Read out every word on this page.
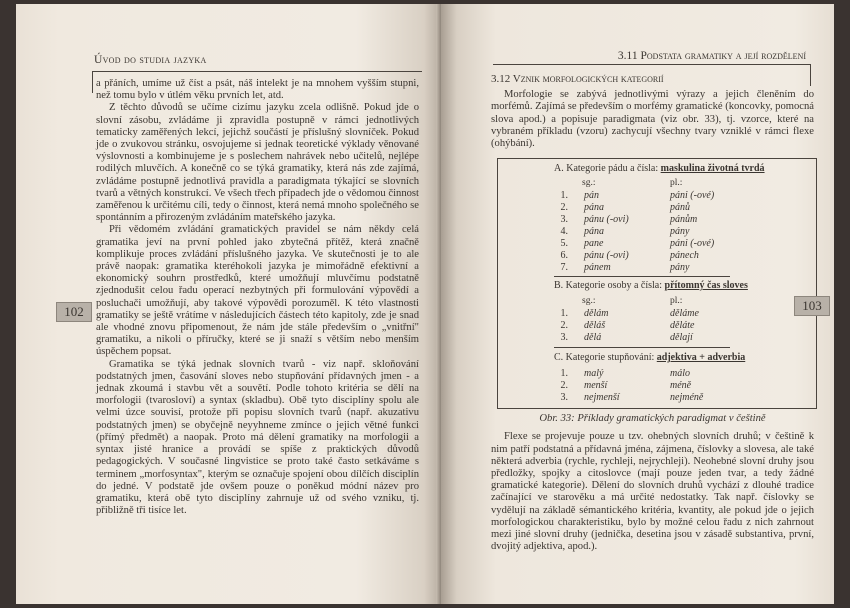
Úvod do studia jazyka

a přáních, umíme už číst a psát, náš intelekt je na mnohem vyšším stupni, než tomu bylo v útlém věku prvních let, atd.

Z těchto důvodů se učíme cizímu jazyku zcela odlišně. Pokud jde o slovní zásobu, zvládáme ji zpravidla postupně v rámci jednotlivých tematicky zaměřených lekcí, jejichž součástí je příslušný slovníček. Pokud jde o zvukovou stránku, osvojujeme si jednak teoretické výklady věnované výslovnosti a kombinujeme je s poslechem nahrávek nebo učitelů, nejlépe rodilých mluvčích. A konečně co se týká gramatiky, která nás zde zajímá, zvládáme postupně jednotlivá pravidla a paradigmata týkající se slovních tvarů a větných konstrukcí. Ve všech třech případech jde o vědomou činnost zaměřenou k určitému cíli, tedy o činnost, která nemá mnoho společného se spontánním a přirozeným zvládáním mateřského jazyka.

Při vědomém zvládání gramatických pravidel se nám někdy celá gramatika jeví na první pohled jako zbytečná přítěž, která značně komplikuje proces zvládání příslušného jazyka. Ve skutečnosti je to ale právě naopak: gramatika kteréhokoli jazyka je mimořádně efektivní a ekonomický souhrn prostředků, které umožňují mluvčímu podstatně zjednodušit celou řadu operací nezbytných při formulování výpovědí a posluchači umožňují, aby takové výpovědi porozuměl. K této vlastnosti gramatiky se ještě vrátíme v následujících částech této kapitoly, zde je snad ale vhodné znovu připomenout, že nám jde stále především o „vnitřní" gramatiku, a nikoli o příručky, které se ji snaží s větším nebo menším úspěchem popsat.

Gramatika se týká jednak slovních tvarů - viz např. skloňování podstatných jmen, časování sloves nebo stupňování přídavných jmen - a jednak zkoumá i stavbu vět a souvětí. Podle tohoto kritéria se dělí na morfologii (tvarosloví) a syntax (skladbu). Obě tyto disciplíny spolu ale velmi úzce souvisí, protože při popisu slovních tvarů (např. akuzativu podstatných jmen) se obyčejně neyyhneme zmínce o jejich větné funkci (přímý předmět) a naopak. Proto má dělení gramatiky na morfologii a syntax jisté hranice a provádí se spíše z praktických důvodů pedagogických. V současné lingvistice se proto také často setkáváme s terminem „morfosyntax", kterým se označuje spojení obou dílčích disciplín do jedné. V podstatě jde ovšem pouze o poněkud módní název pro gramatiku, která obě tyto disciplíny zahrnuje už od svého vzniku, tj. přibližně tři tisíce let.

102
3.11 Podstata gramatiky a její rozdělení
3.12 Vznik morfologických kategorií

Morfologie se zabývá jednotlivými výrazy a jejich členěním do morfémů. Zajímá se především o morfémy gramatické (koncovky, pomocná slova apod.) a popisuje paradigmata (viz obr. 33), tj. vzorce, které na vybraném příkladu (vzoru) zachycují všechny tvary vzniklé v rámci flexe (ohýbání).

A. Kategorie pádu a čísla: maskulina životná tvrdá
sg.:	pl.:
1. pán	páni (-ové)
2. pána	pánů
3. pánu (-ovi)	pánům
4. pána	pány
5. pane	páni (-ové)
6. pánu (-ovi)	pánech
7. pánem	pány
B. Kategorie osoby a čísla: přítomný čas sloves
sg.:	pl.:
1. dělám	děláme
2. děláš	děláte
3. dělá	dělají
C. Kategorie stupňování: adjektiva + adverbia
1. malý	málo
2. menší	méně
3. nejmenší	nejméně
Obr. 33: Příklady gramatických paradigmat v češtině

Flexe se projevuje pouze u tzv. ohebných slovních druhů; v češtině k nim patří podstatná a přídavná jména, zájmena, číslovky a slovesa, ale také některá adverbia (rychle, rychleji, nejrychleji). Neohebné slovní druhy jsou předložky, spojky a citoslovce (mají pouze jeden tvar, a tedy žádné gramatické kategorie). Dělení do slovních druhů vychází z dlouhé tradice začínající ve starověku a má určité nedostatky. Tak např. číslovky se vydělují na základě sémantického kritéria, kvantity, ale pokud jde o jejich morfologickou charakteristiku, bylo by možné celou řadu z nich zahrnout mezi jiné slovní druhy (jednička, desetina jsou v zásadě substantiva, první, dvojitý adjektiva, apod.).

103
